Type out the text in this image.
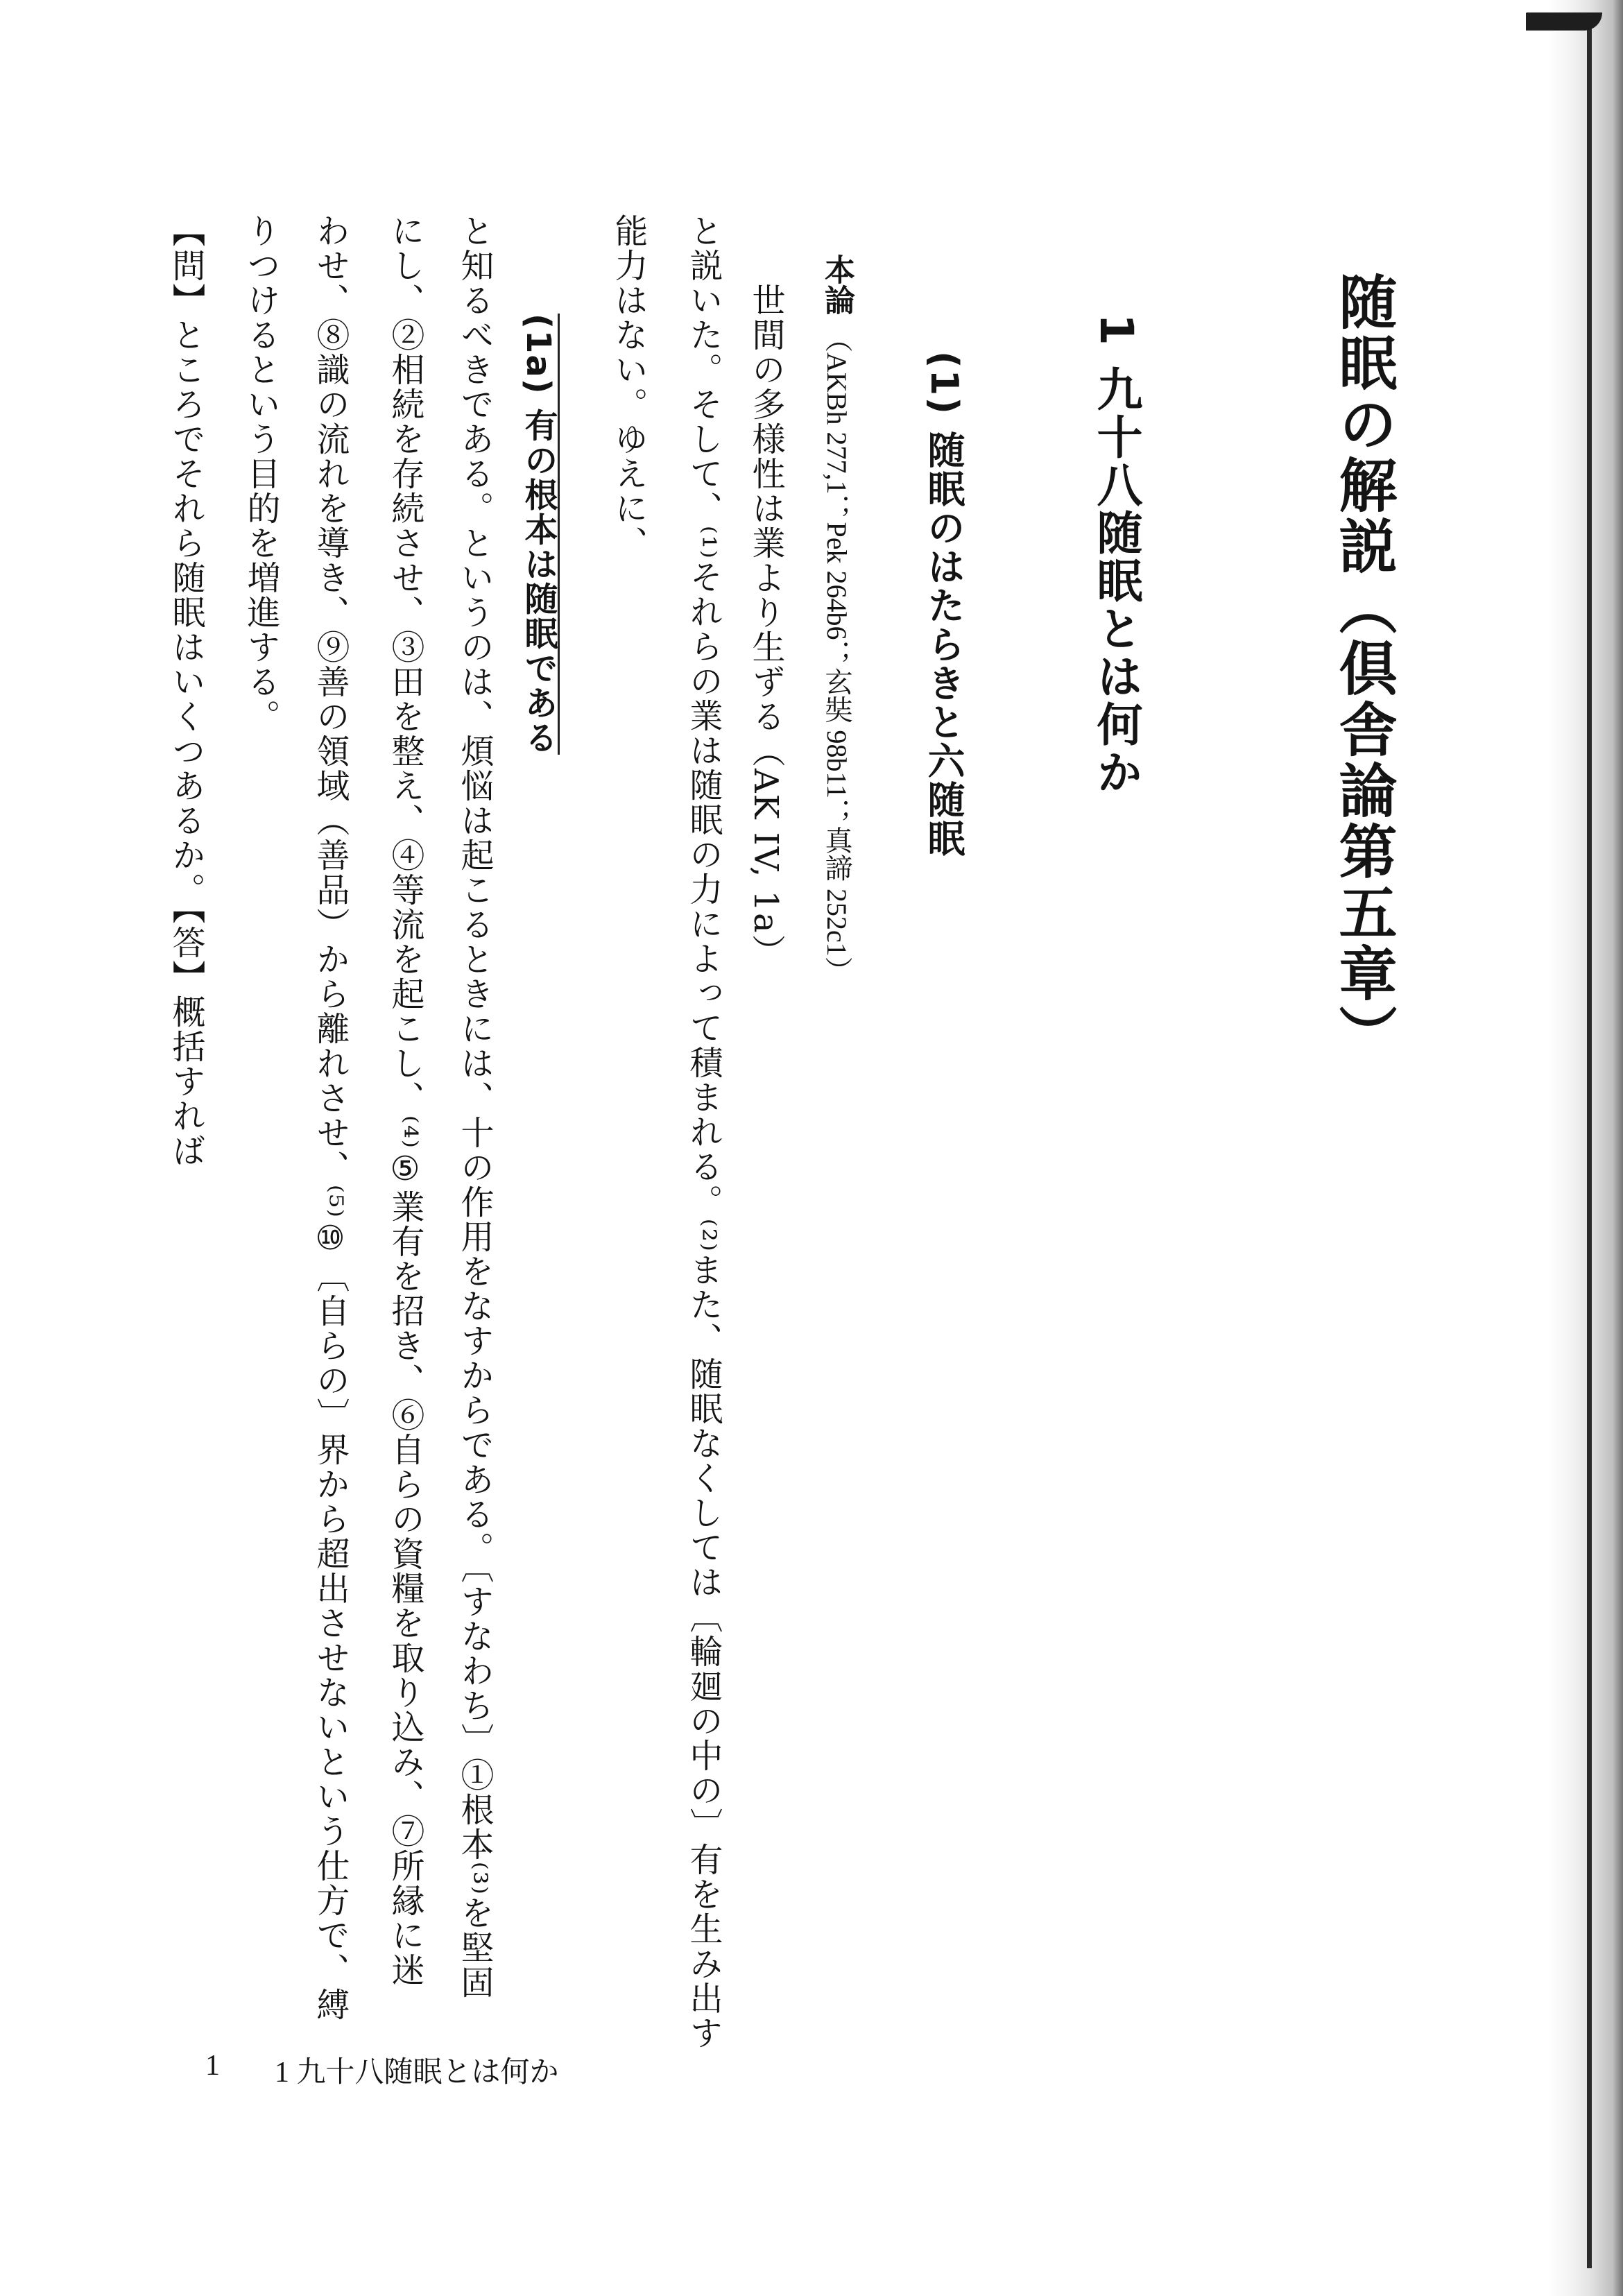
随眠の解説（倶舎論第五章）
1九十八随眠とは何か
(1)随眠のはたらきと六随眠
本論（AKBh 277,1；Pek 264b6；玄奘 98b11；真諦 252c1）

世間の多様性は業より生ずる（AK IV, 1a）

と説いた。そして、⁽¹⁾それらの業は随眠の力によって積まれる。⁽²⁾また、随眠なくしては〔輪廻の中の〕有を生み出す

能力はない。ゆえに、

(1a) 有の根本は随眠である

と知るべきである。というのは、煩悩は起こるときには、十の作用をなすからである。〔すなわち〕①根本⁽³⁾を堅固

にし、②相続を存続させ、③田を整え、④等流を起こし、⁽⁴⁾⑤業有を招き、⑥自らの資糧を取り込み、⑦所縁に迷

わせ、⑧識の流れを導き、⑨善の領域（善品）から離れさせ、⁽⁵⁾⑩〔自らの〕界から超出させないという仕方で、縛

りつけるという目的を増進する。

【問】ところでそれら随眠はいくつあるか。【答】概括すれば

1 1 九十八随眠とは何か
